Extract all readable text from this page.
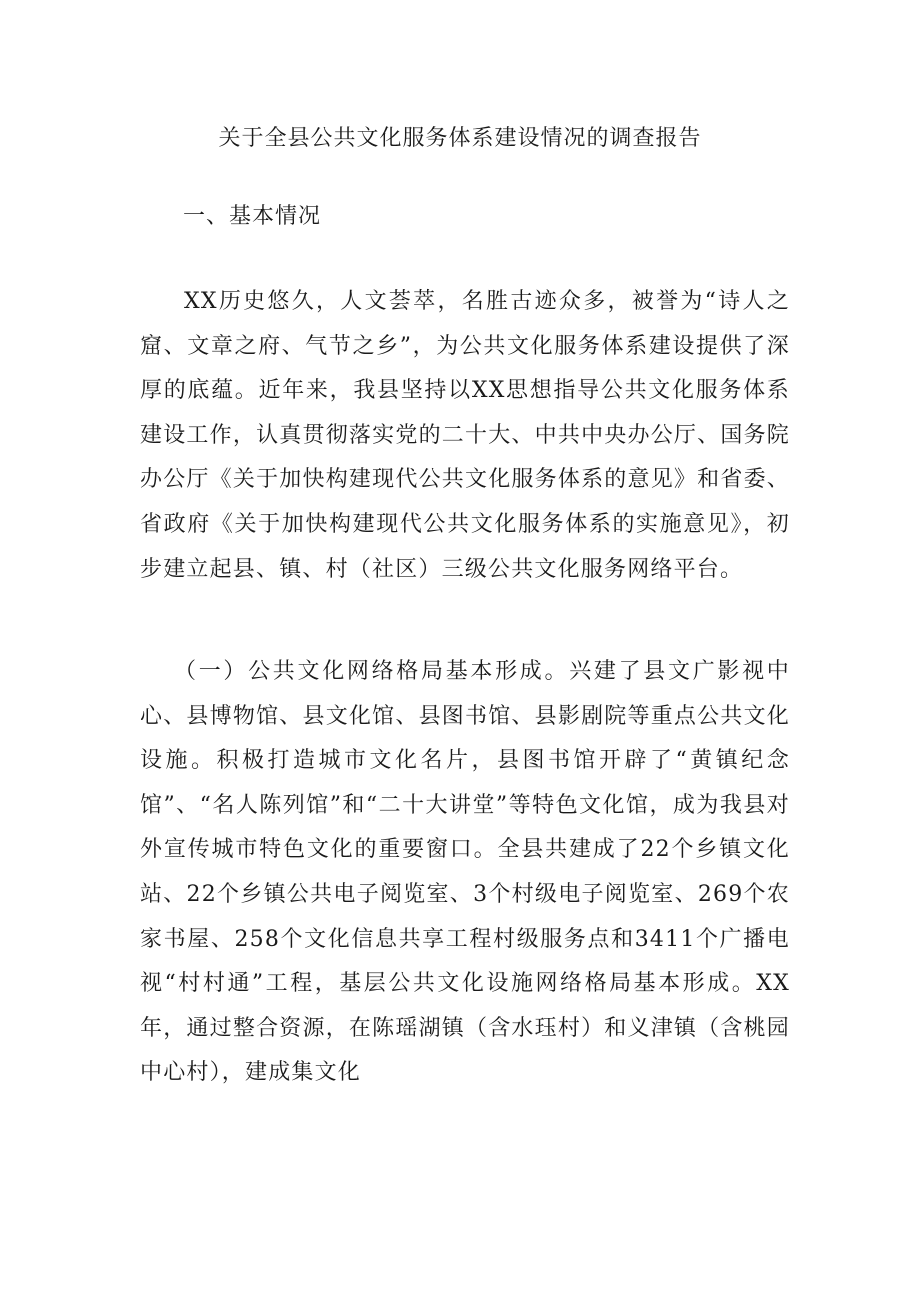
关于全县公共文化服务体系建设情况的调查报告
一、基本情况

XX历史悠久，人文荟萃，名胜古迹众多，被誉为“诗人之窟、文章之府、气节之乡”，为公共文化服务体系建设提供了深厚的底蕴。近年来，我县坚持以XX思想指导公共文化服务体系建设工作，认真贯彻落实党的二十大、中共中央办公厅、国务院办公厅《关于加快构建现代公共文化服务体系的意见》和省委、省政府《关于加快构建现代公共文化服务体系的实施意见》，初步建立起县、镇、村（社区）三级公共文化服务网络平台。

（一）公共文化网络格局基本形成。兴建了县文广影视中心、县博物馆、县文化馆、县图书馆、县影剧院等重点公共文化设施。积极打造城市文化名片，县图书馆开辟了“黄镇纪念馆”、“名人陈列馆”和“二十大讲堂”等特色文化馆，成为我县对外宣传城市特色文化的重要窗口。全县共建成了22个乡镇文化站、22个乡镇公共电子阅览室、3个村级电子阅览室、269个农家书屋、258个文化信息共享工程村级服务点和3411个广播电视“村村通”工程，基层公共文化设施网络格局基本形成。XX年，通过整合资源，在陈瑶湖镇（含水珏村）和义津镇（含桃园中心村），建成集文化
